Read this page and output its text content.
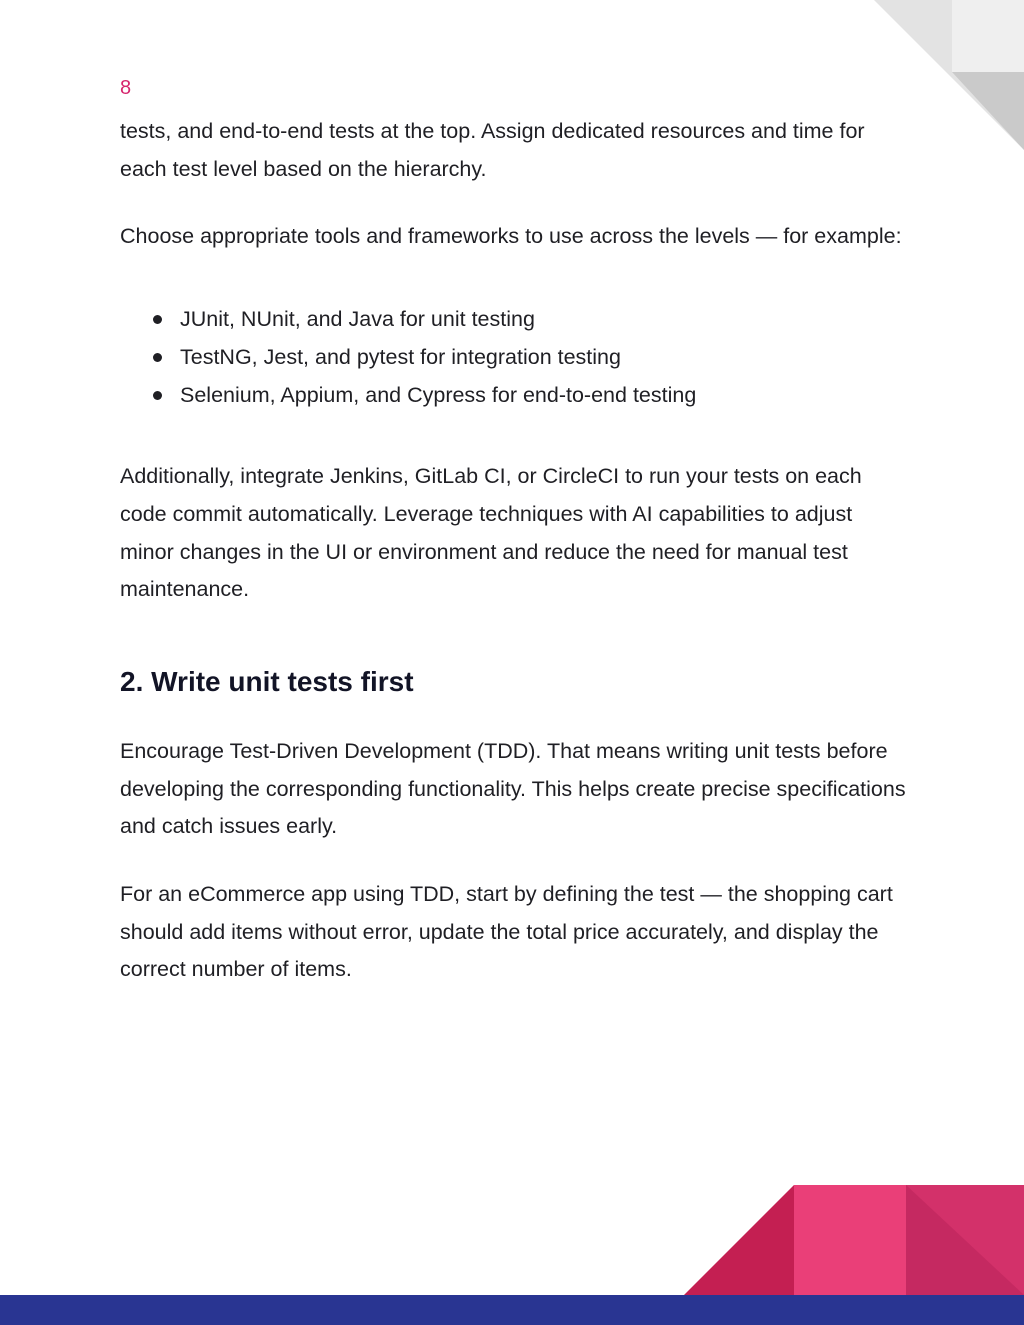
8

tests, and end-to-end tests at the top. Assign dedicated resources and time for each test level based on the hierarchy.

Choose appropriate tools and frameworks to use across the levels — for example:

JUnit, NUnit, and Java for unit testing
TestNG, Jest, and pytest for integration testing
Selenium, Appium, and Cypress for end-to-end testing

Additionally, integrate Jenkins, GitLab CI, or CircleCI to run your tests on each code commit automatically. Leverage techniques with AI capabilities to adjust minor changes in the UI or environment and reduce the need for manual test maintenance.

2. Write unit tests first

Encourage Test-Driven Development (TDD). That means writing unit tests before developing the corresponding functionality. This helps create precise specifications and catch issues early.

For an eCommerce app using TDD, start by defining the test — the shopping cart should add items without error, update the total price accurately, and display the correct number of items.
